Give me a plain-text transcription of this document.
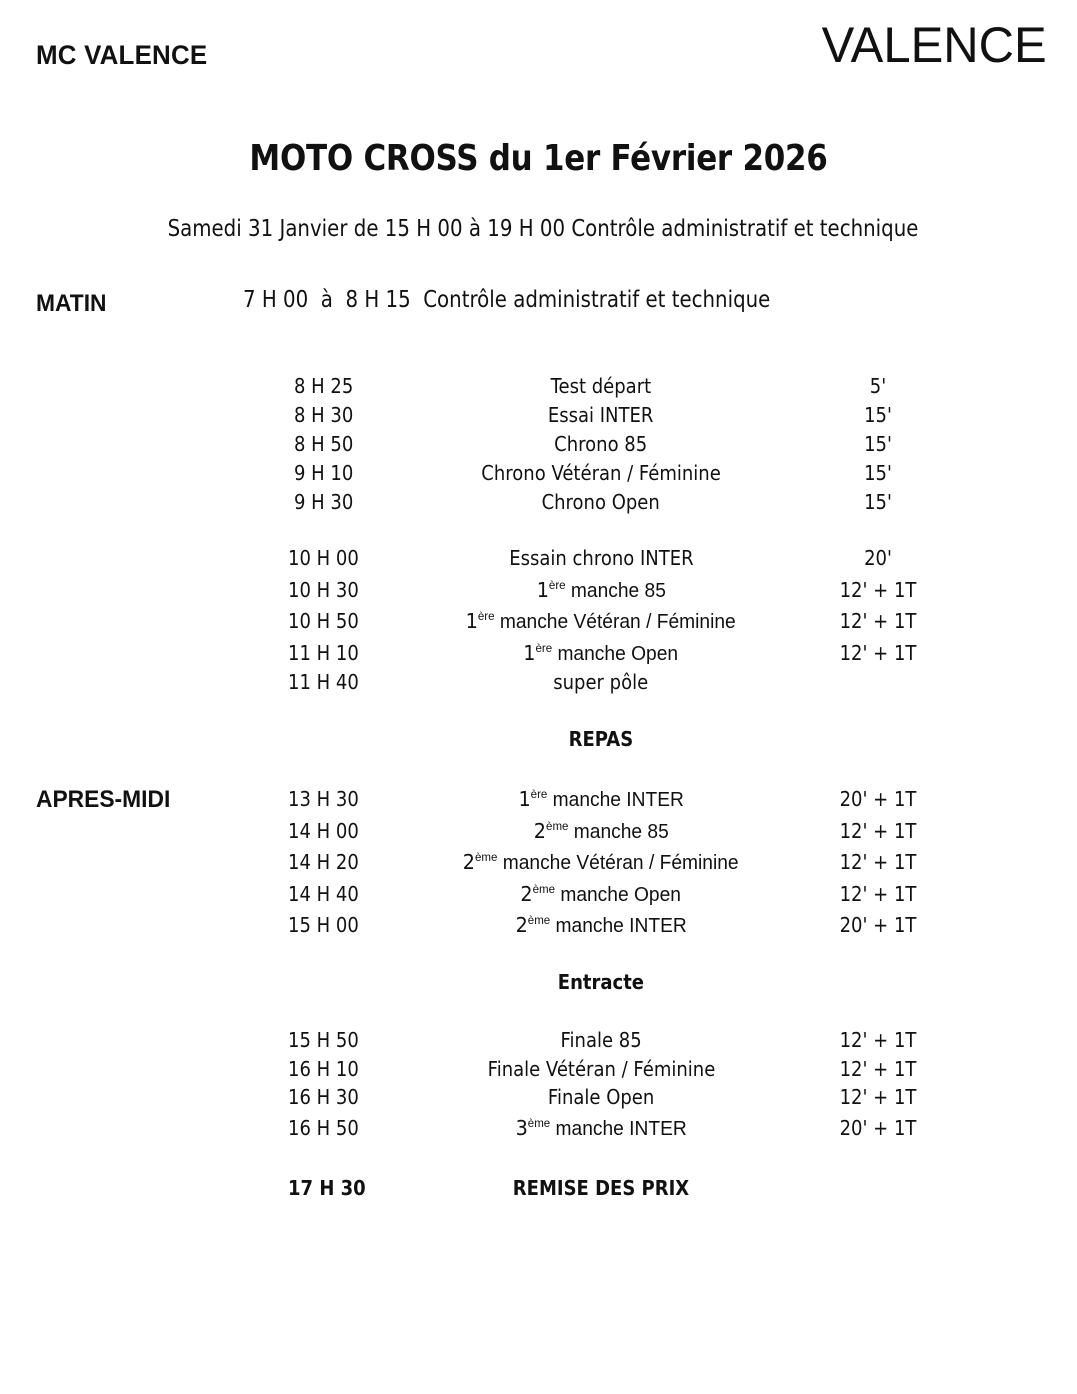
MC VALENCE	VALENCE
MOTO CROSS du 1er Février 2026
Samedi 31 Janvier de 15 H 00 à 19 H 00 Contrôle administratif et technique
MATIN	7 H 00  à  8 H 15  Contrôle administratif et technique
8 H 25	Test départ	5'
8 H 30	Essai INTER	15'
8 H 50	Chrono 85	15'
9 H 10	Chrono Vétéran / Féminine	15'
9 H 30	Chrono Open	15'
10 H 00	Essain chrono INTER	20'
10 H 30	1ère manche 85	12' + 1T
10 H 50	1ère manche Vétéran / Féminine	12' + 1T
11 H 10	1ère manche Open	12' + 1T
11 H 40	super pôle
13 H 30	1ère manche INTER	20' + 1T
14 H 00	2ème manche 85	12' + 1T
14 H 20	2ème manche Vétéran / Féminine	12' + 1T
14 H 40	2ème manche Open	12' + 1T
15 H 00	2ème manche INTER	20' + 1T
15 H 50	Finale 85	12' + 1T
16 H 10	Finale Vétéran / Féminine	12' + 1T
16 H 30	Finale Open	12' + 1T
16 H 50	3ème manche INTER	20' + 1T
17 H 30	REMISE DES PRIX
REPAS
APRES-MIDI
Entracte
